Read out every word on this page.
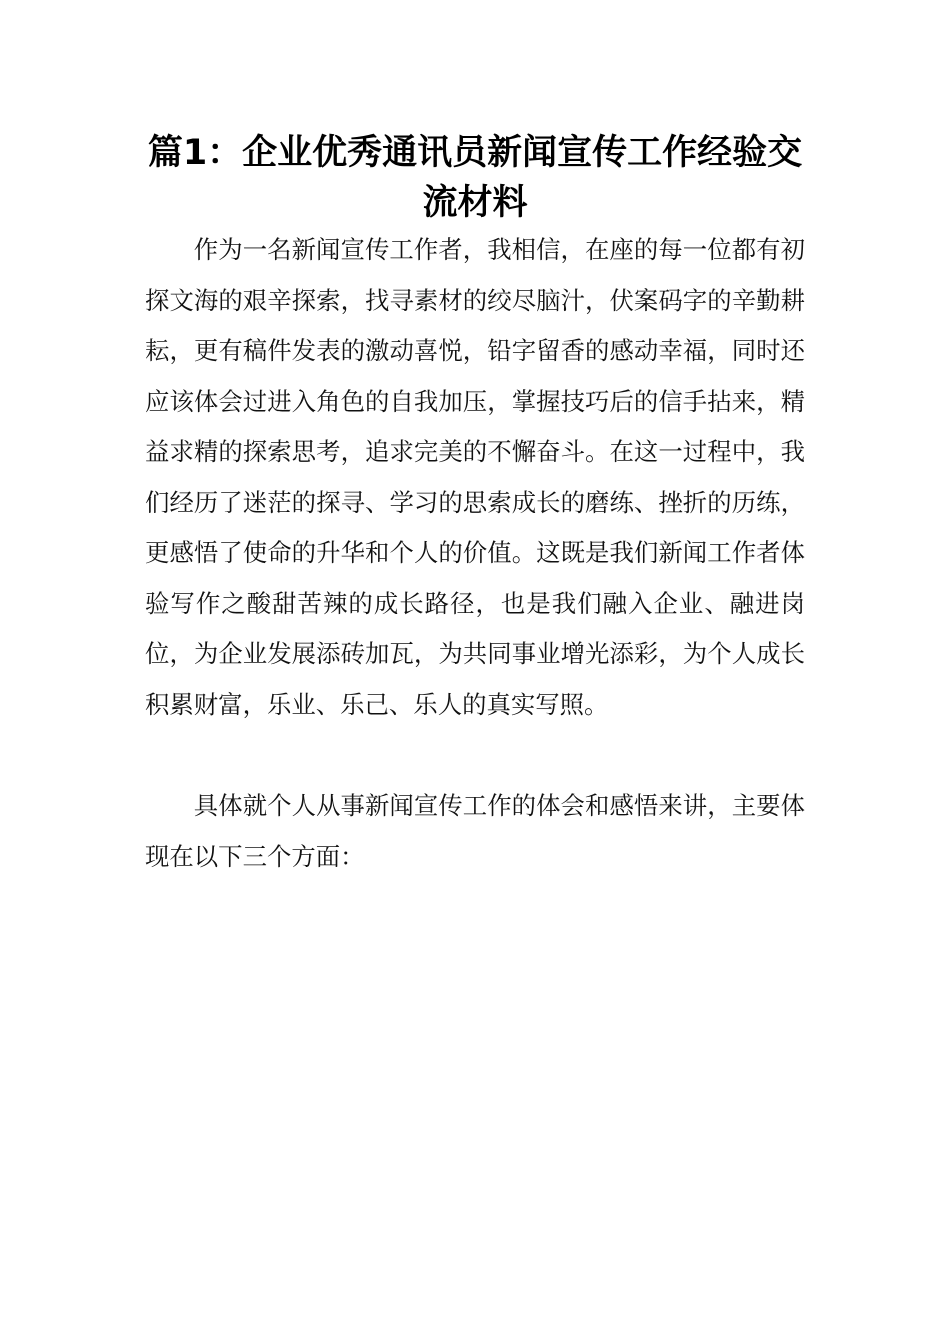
篇1：企业优秀通讯员新闻宣传工作经验交流材料

作为一名新闻宣传工作者，我相信，在座的每一位都有初探文海的艰辛探索，找寻素材的绞尽脑汁，伏案码字的辛勤耕耘，更有稿件发表的激动喜悦，铅字留香的感动幸福，同时还应该体会过进入角色的自我加压，掌握技巧后的信手拈来，精益求精的探索思考，追求完美的不懈奋斗。在这一过程中，我们经历了迷茫的探寻、学习的思索成长的磨练、挫折的历练，更感悟了使命的升华和个人的价值。这既是我们新闻工作者体验写作之酸甜苦辣的成长路径，也是我们融入企业、融进岗位，为企业发展添砖加瓦，为共同事业增光添彩，为个人成长积累财富，乐业、乐己、乐人的真实写照。

具体就个人从事新闻宣传工作的体会和感悟来讲，主要体现在以下三个方面：
